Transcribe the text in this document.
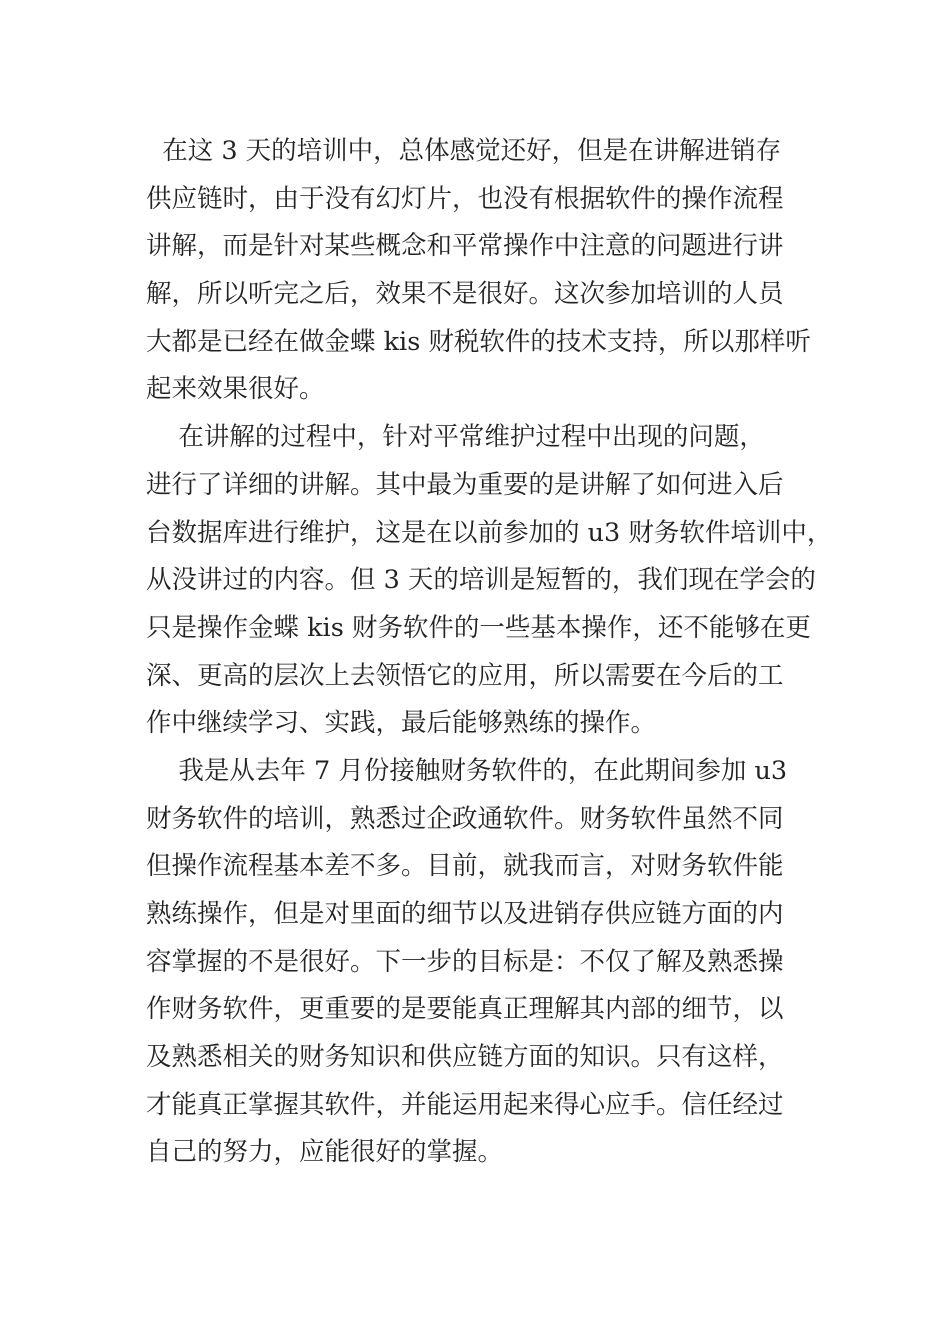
在这 3 天的培训中，总体感觉还好，但是在讲解进销存
供应链时，由于没有幻灯片，也没有根据软件的操作流程
讲解，而是针对某些概念和平常操作中注意的问题进行讲
解，所以听完之后，效果不是很好。这次参加培训的人员
大都是已经在做金蝶 kis 财税软件的技术支持，所以那样听
起来效果很好。
在讲解的过程中，针对平常维护过程中出现的问题，
进行了详细的讲解。其中最为重要的是讲解了如何进入后
台数据库进行维护，这是在以前参加的 u3 财务软件培训中，
从没讲过的内容。但 3 天的培训是短暂的，我们现在学会的
只是操作金蝶 kis 财务软件的一些基本操作，还不能够在更
深、更高的层次上去领悟它的应用，所以需要在今后的工
作中继续学习、实践，最后能够熟练的操作。
我是从去年 7 月份接触财务软件的，在此期间参加 u3
财务软件的培训，熟悉过企政通软件。财务软件虽然不同
但操作流程基本差不多。目前，就我而言，对财务软件能
熟练操作，但是对里面的细节以及进销存供应链方面的内
容掌握的不是很好。下一步的目标是：不仅了解及熟悉操
作财务软件，更重要的是要能真正理解其内部的细节，以
及熟悉相关的财务知识和供应链方面的知识。只有这样，
才能真正掌握其软件，并能运用起来得心应手。信任经过
自己的努力，应能很好的掌握。
